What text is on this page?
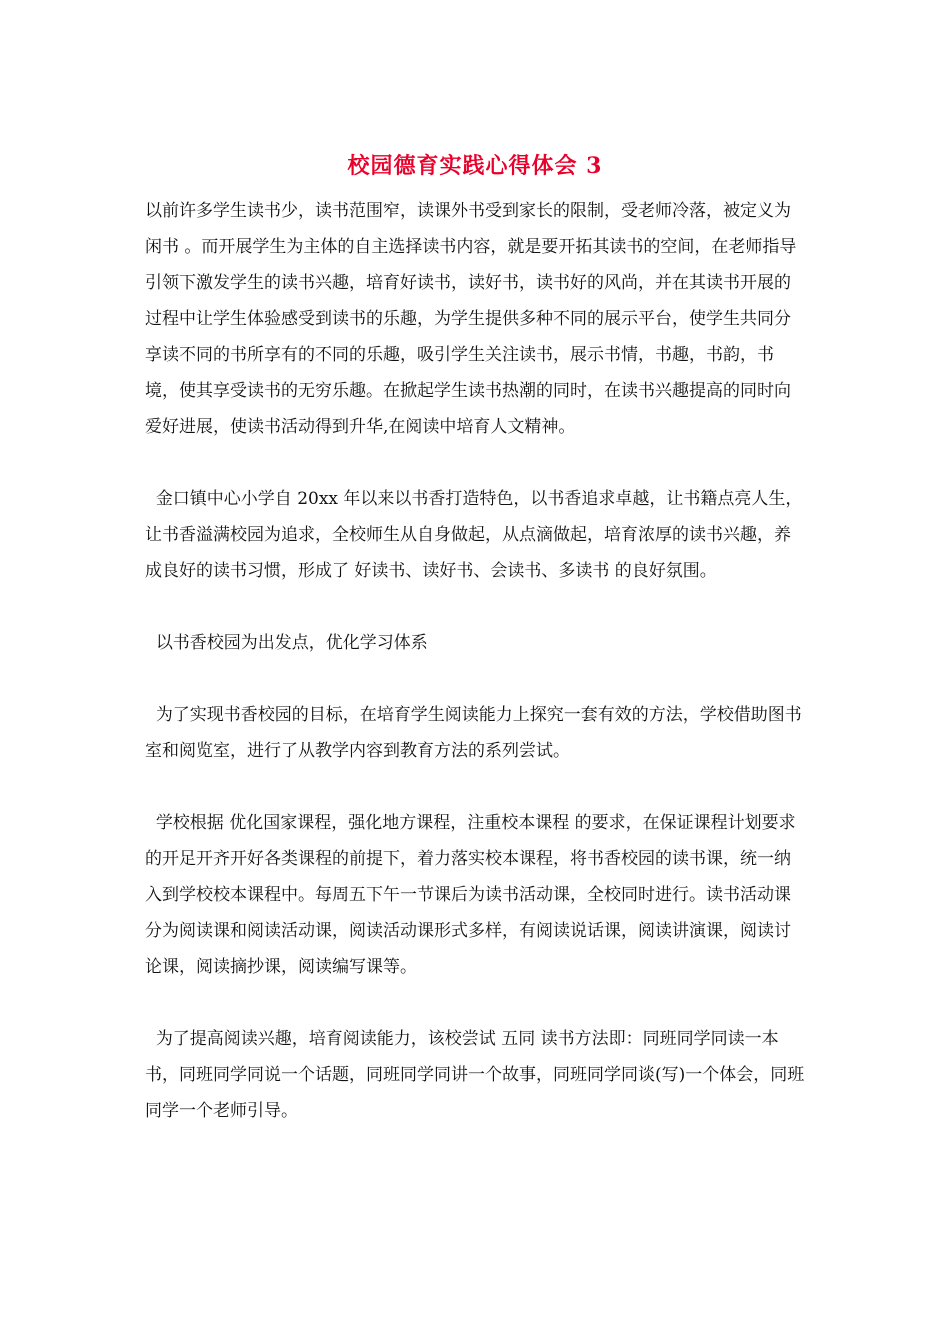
校园德育实践心得体会 3

以前许多学生读书少，读书范围窄，读课外书受到家长的限制，受老师冷落，被定义为 闲书 。而开展学生为主体的自主选择读书内容，就是要开拓其读书的空间，在老师指导引领下激发学生的读书兴趣，培育好读书，读好书，读书好的风尚，并在其读书开展的过程中让学生体验感受到读书的乐趣，为学生提供多种不同的展示平台，使学生共同分享读不同的书所享有的不同的乐趣，吸引学生关注读书，展示书情，书趣，书韵，书境，使其享受读书的无穷乐趣。在掀起学生读书热潮的同时，在读书兴趣提高的同时向爱好进展，使读书活动得到升华,在阅读中培育人文精神。

金口镇中心小学自 20xx 年以来以书香打造特色，以书香追求卓越，让书籍点亮人生，让书香溢满校园为追求，全校师生从自身做起，从点滴做起，培育浓厚的读书兴趣，养成良好的读书习惯，形成了 好读书、读好书、会读书、多读书 的良好氛围。

以书香校园为出发点，优化学习体系

为了实现书香校园的目标，在培育学生阅读能力上探究一套有效的方法，学校借助图书室和阅览室，进行了从教学内容到教育方法的系列尝试。

学校根据 优化国家课程，强化地方课程，注重校本课程 的要求，在保证课程计划要求的开足开齐开好各类课程的前提下，着力落实校本课程，将书香校园的读书课，统一纳入到学校校本课程中。每周五下午一节课后为读书活动课，全校同时进行。读书活动课分为阅读课和阅读活动课，阅读活动课形式多样，有阅读说话课，阅读讲演课，阅读讨论课，阅读摘抄课，阅读编写课等。

为了提高阅读兴趣，培育阅读能力，该校尝试 五同 读书方法即：同班同学同读一本书，同班同学同说一个话题，同班同学同讲一个故事，同班同学同谈(写)一个体会，同班同学一个老师引导。
